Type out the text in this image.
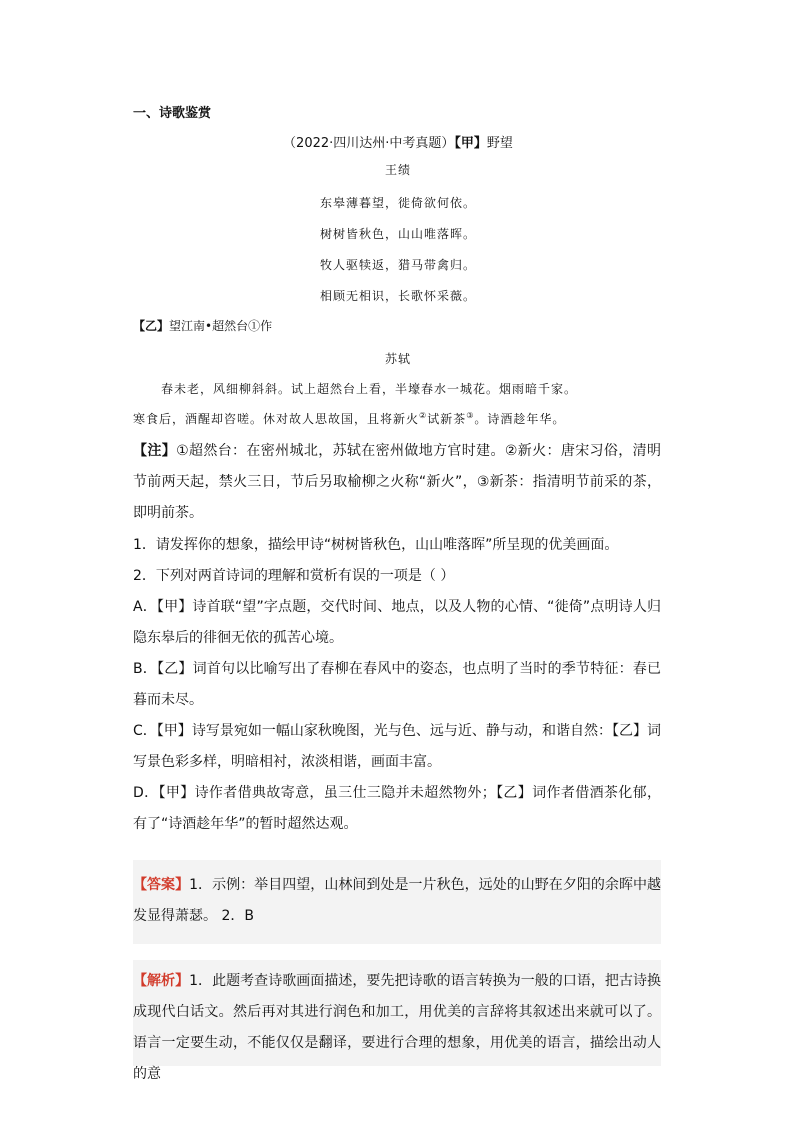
一、诗歌鉴赏
（2022·四川达州·中考真题）【甲】野望
王绩
东皋薄暮望，徙倚欲何依。
树树皆秋色，山山唯落晖。
牧人驱犊返，猎马带禽归。
相顾无相识，长歌怀采薇。
【乙】望江南•超然台①作
苏轼
春未老，风细柳斜斜。试上超然台上看，半壕春水一城花。烟雨暗千家。
寒食后，酒醒却咨嗟。休对故人思故国，且将新火②试新茶③。诗酒趁年华。
【注】①超然台：在密州城北，苏轼在密州做地方官时建。②新火：唐宋习俗，清明节前两天起，禁火三日，节后另取榆柳之火称“新火”，③新茶：指清明节前采的茶，即明前茶。
1．请发挥你的想象，描绘甲诗“树树皆秋色，山山唯落晖”所呈现的优美画面。
2．下列对两首诗词的理解和赏析有误的一项是（ ）
A．【甲】诗首联“望”字点题，交代时间、地点，以及人物的心情、“徙倚”点明诗人归隐东皋后的徘徊无依的孤苦心境。
B．【乙】词首句以比喻写出了春柳在春风中的姿态，也点明了当时的季节特征：春已暮而未尽。
C．【甲】诗写景宛如一幅山家秋晚图，光与色、远与近、静与动，和谐自然：【乙】词写景色彩多样，明暗相衬，浓淡相谐，画面丰富。
D．【甲】诗作者借典故寄意，虽三仕三隐并未超然物外；【乙】词作者借酒茶化郁，有了“诗酒趁年华”的暂时超然达观。
【答案】1．示例：举目四望，山林间到处是一片秋色，远处的山野在夕阳的余晖中越发显得萧瑟。 2．B
【解析】1．此题考查诗歌画面描述，要先把诗歌的语言转换为一般的口语，把古诗换成现代白话文。然后再对其进行润色和加工，用优美的言辞将其叙述出来就可以了。语言一定要生动，不能仅仅是翻译，要进行合理的想象，用优美的语言，描绘出动人的意
